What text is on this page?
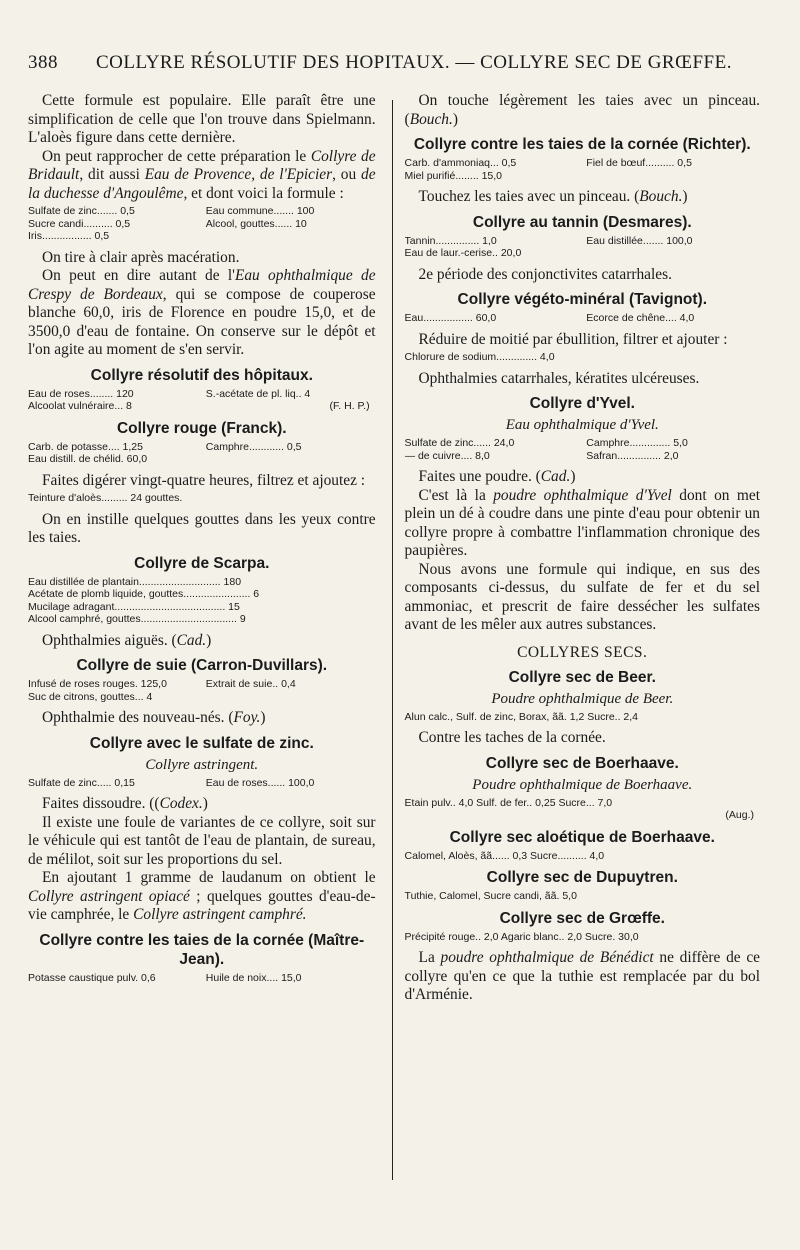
388	COLLYRE RÉSOLUTIF DES HOPITAUX. — COLLYRE SEC DE GRŒFFE.

Cette formule est populaire. Elle paraît être une simplification de celle que l'on trouve dans Spielmann. L'aloès figure dans cette dernière.

On peut rapprocher de cette préparation le Collyre de Bridault, dit aussi Eau de Provence, de l'Epicier, ou de la duchesse d'Angoulême, et dont voici la formule :

Sulfate de zinc....... 0,5	Eau commune....... 100
Sucre candi.......... 0,5	Alcool, gouttes...... 10
Iris................. 0,5

On tire à clair après macération.

On peut en dire autant de l'Eau ophthalmique de Crespy de Bordeaux, qui se compose de couperose blanche 60,0, iris de Florence en poudre 15,0, et de 3500,0 d'eau de fontaine. On conserve sur le dépôt et l'on agite au moment de s'en servir.

Collyre résolutif des hôpitaux.
Eau de roses........ 120	S.-acétate de pl. liq.. 4
Alcoolat vulnéraire... 8	(F. H. P.)
Collyre rouge (Franck).
Carb. de potasse.... 1,25	Camphre............ 0,5
Eau distill. de chélid. 60,0

Faites digérer vingt-quatre heures, filtrez et ajoutez :

Teinture d'aloès......... 24 gouttes.

On en instille quelques gouttes dans les yeux contre les taies.

Collyre de Scarpa.
Eau distillée de plantain............................ 180
Acétate de plomb liquide, gouttes....................... 6
Mucilage adragant...................................... 15
Alcool camphré, gouttes................................. 9

Ophthalmies aiguës. (Cad.)

Collyre de suie (Carron-Duvillars).
Infusé de roses rouges. 125,0	Extrait de suie.. 0,4
Suc de citrons, gouttes... 4

Ophthalmie des nouveau-nés. (Foy.)

Collyre avec le sulfate de zinc.
Collyre astringent.
Sulfate de zinc..... 0,15	Eau de roses...... 100,0

Faites dissoudre. ((Codex.)

Il existe une foule de variantes de ce collyre, soit sur le véhicule qui est tantôt de l'eau de plantain, de sureau, de mélilot, soit sur les proportions du sel.

En ajoutant 1 gramme de laudanum on obtient le Collyre astringent opiacé ; quelques gouttes d'eau-de-vie camphrée, le Collyre astringent camphré.

Collyre contre les taies de la cornée (Maître-Jean).
Potasse caustique pulv. 0,6	Huile de noix.... 15,0

On touche légèrement les taies avec un pinceau. (Bouch.)

Collyre contre les taies de la cornée (Richter).
Carb. d'ammoniaq... 0,5	Fiel de bœuf.......... 0,5
Miel purifié........ 15,0

Touchez les taies avec un pinceau. (Bouch.)

Collyre au tannin (Desmares).
Tannin............... 1,0	Eau distillée....... 100,0
Eau de laur.-cerise.. 20,0

2e période des conjonctivites catarrhales.

Collyre végéto-minéral (Tavignot).
Eau................. 60,0	Ecorce de chêne.... 4,0

Réduire de moitié par ébullition, filtrer et ajouter :

Chlorure de sodium.............. 4,0

Ophthalmies catarrhales, kératites ulcéreuses.

Collyre d'Yvel.
Eau ophthalmique d'Yvel.
Sulfate de zinc...... 24,0	Camphre.............. 5,0
— de cuivre.... 8,0	Safran............... 2,0

Faites une poudre. (Cad.)

C'est là la poudre ophthalmique d'Yvel dont on met plein un dé à coudre dans une pinte d'eau pour obtenir un collyre propre à combattre l'inflammation chronique des paupières.

Nous avons une formule qui indique, en sus des composants ci-dessus, du sulfate de fer et du sel ammoniac, et prescrit de faire dessécher les sulfates avant de les mêler aux autres substances.

COLLYRES SECS.
Collyre sec de Beer.
Poudre ophthalmique de Beer.
Alun calc., Sulf. de zinc, Borax, ãã. 1,2 Sucre.. 2,4

Contre les taches de la cornée.

Collyre sec de Boerhaave.
Poudre ophthalmique de Boerhaave.
Etain pulv.. 4,0 Sulf. de fer.. 0,25 Sucre... 7,0
(Aug.)
Collyre sec aloétique de Boerhaave.
Calomel, Aloès, ãã...... 0,3 Sucre.......... 4,0
Collyre sec de Dupuytren.
Tuthie, Calomel, Sucre candi, ãã. 5,0
Collyre sec de Grœffe.
Précipité rouge.. 2,0 Agaric blanc.. 2,0 Sucre. 30,0

La poudre ophthalmique de Bénédict ne diffère de ce collyre qu'en ce que la tuthie est remplacée par du bol d'Arménie.
